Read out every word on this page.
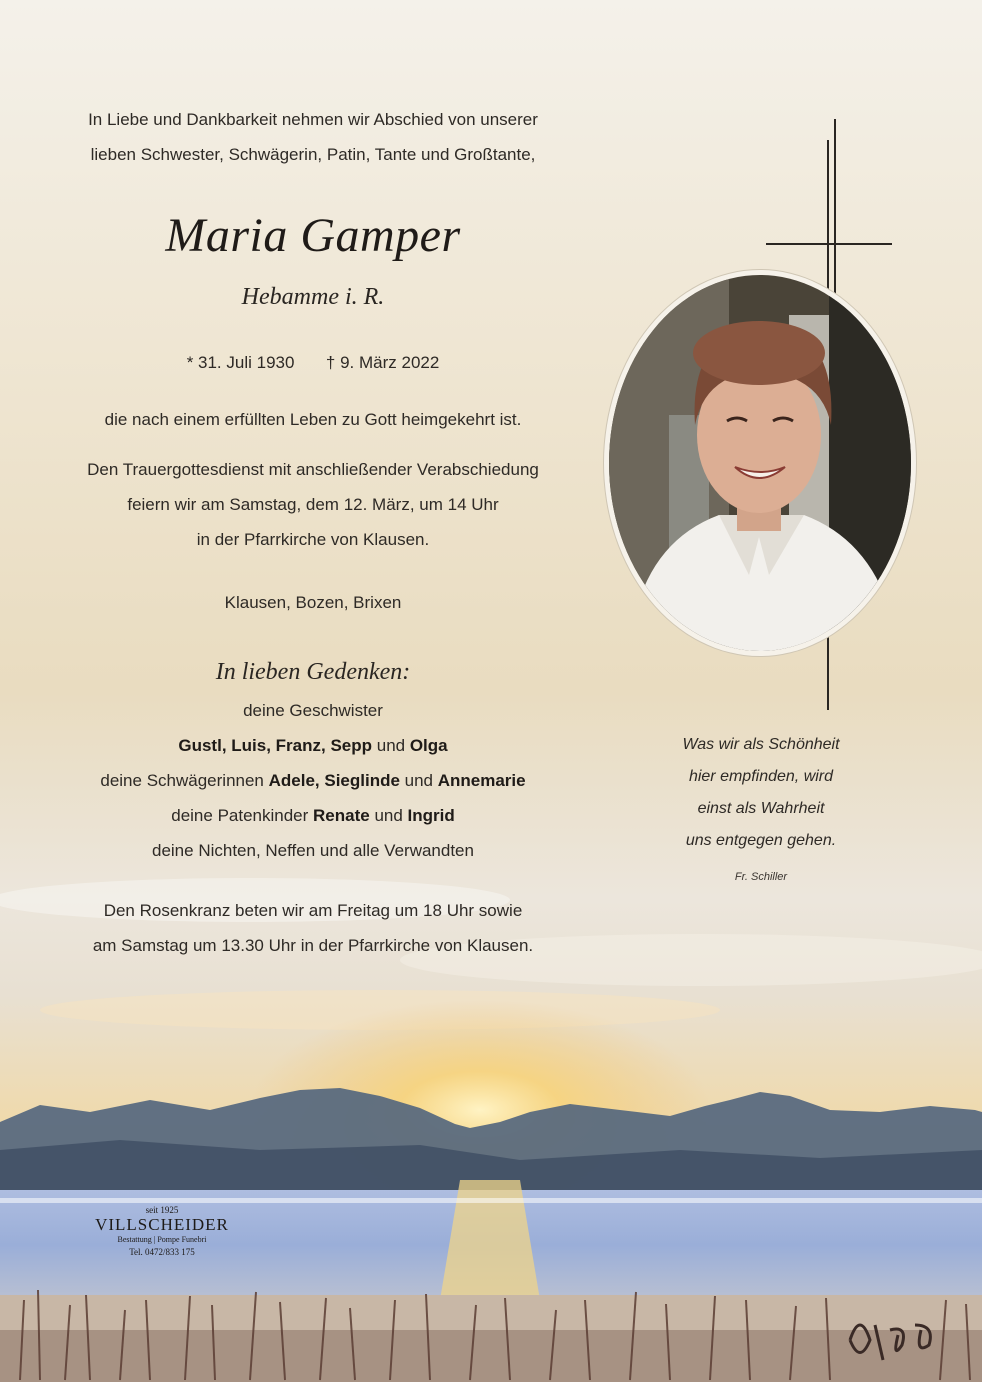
In Liebe und Dankbarkeit nehmen wir Abschied von unserer
lieben Schwester, Schwägerin, Patin, Tante und Großtante,
Maria Gamper
Hebamme i. R.
* 31. Juli 1930 † 9. März 2022
die nach einem erfüllten Leben zu Gott heimgekehrt ist.
Den Trauergottesdienst mit anschließender Verabschiedung
feiern wir am Samstag, dem 12. März, um 14 Uhr
in der Pfarrkirche von Klausen.
Klausen, Bozen, Brixen
In lieben Gedenken:
deine Geschwister
Gustl, Luis, Franz, Sepp und Olga
deine Schwägerinnen Adele, Sieglinde und Annemarie
deine Patenkinder Renate und Ingrid
deine Nichten, Neffen und alle Verwandten
Den Rosenkranz beten wir am Freitag um 18 Uhr sowie
am Samstag um 13.30 Uhr in der Pfarrkirche von Klausen.
Was wir als Schönheit
hier empfinden, wird
einst als Wahrheit
uns entgegen gehen.
Fr. Schiller
seit 1925
VILLSCHEIDER
Bestattung | Pompe Funebri
Tel. 0472/833 175
